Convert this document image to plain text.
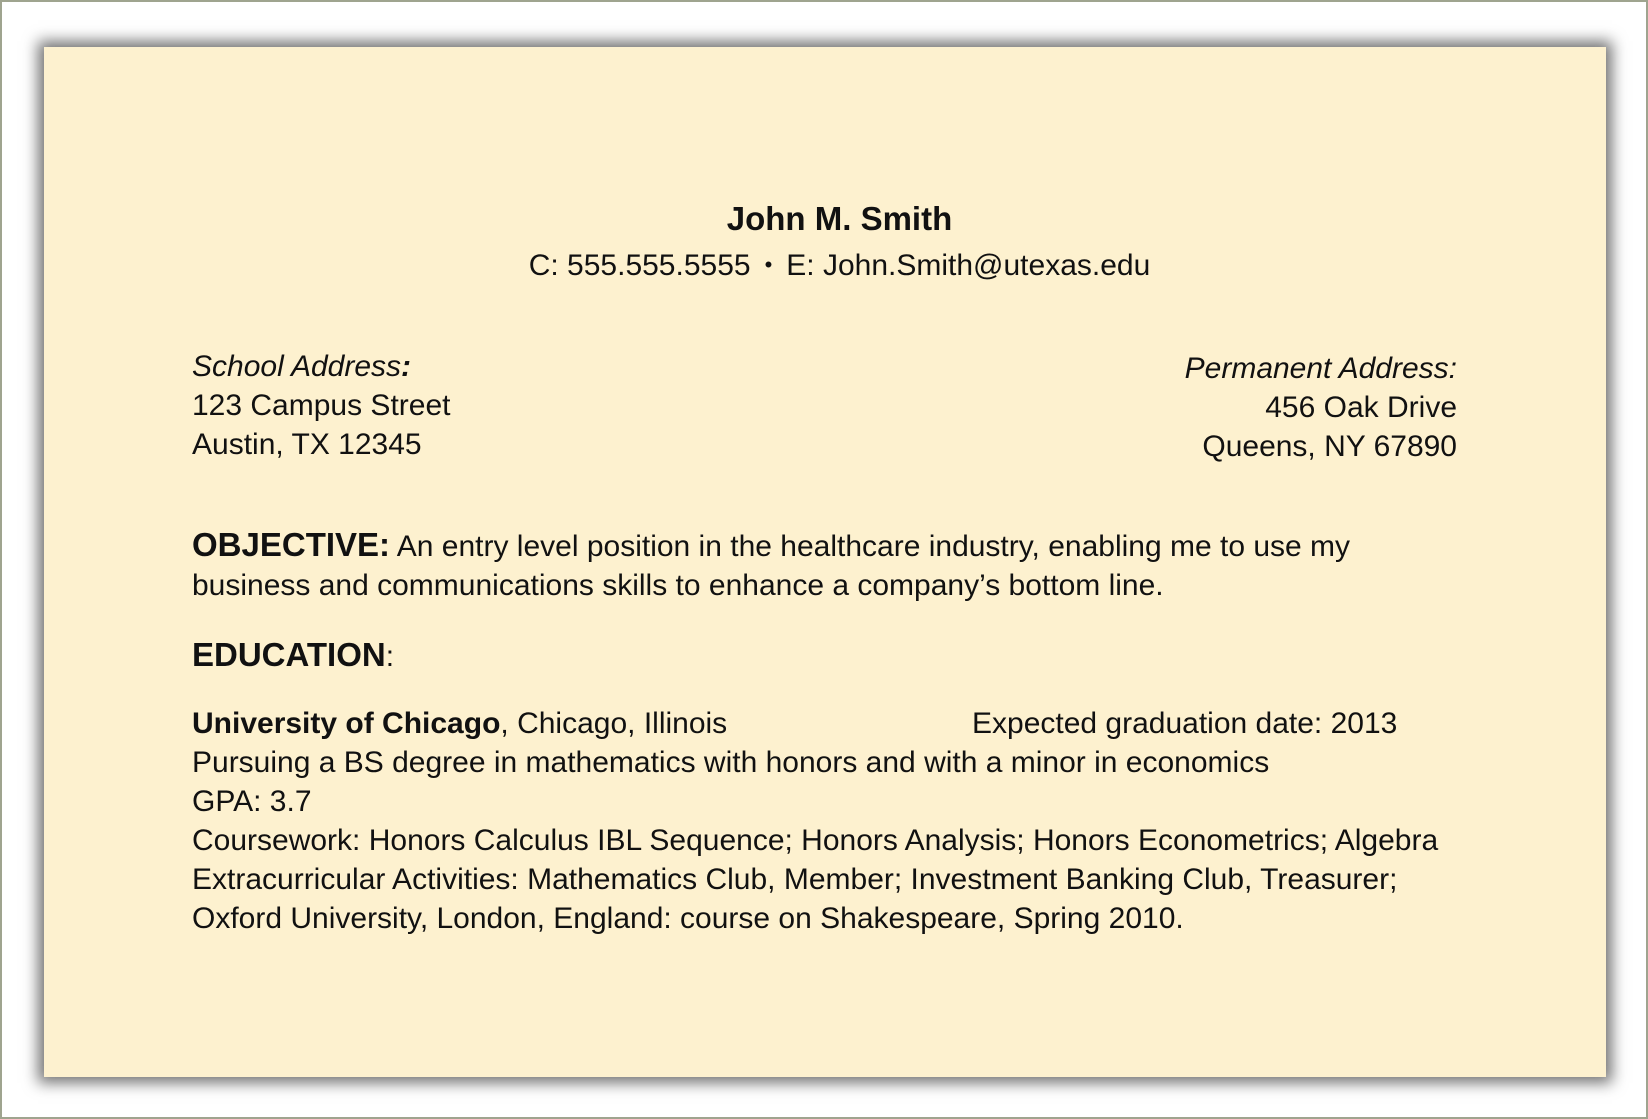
John M. Smith
C: 555.555.5555 • E: John.Smith@utexas.edu
School Address:
123 Campus Street
Austin, TX 12345
Permanent Address:
456 Oak Drive
Queens, NY 67890
OBJECTIVE: An entry level position in the healthcare industry, enabling me to use my business and communications skills to enhance a company’s bottom line.
EDUCATION:
University of Chicago, Chicago, Illinois	Expected graduation date: 2013
Pursuing a BS degree in mathematics with honors and with a minor in economics
GPA: 3.7
Coursework: Honors Calculus IBL Sequence; Honors Analysis; Honors Econometrics; Algebra
Extracurricular Activities: Mathematics Club, Member; Investment Banking Club, Treasurer;
Oxford University, London, England: course on Shakespeare, Spring 2010.
